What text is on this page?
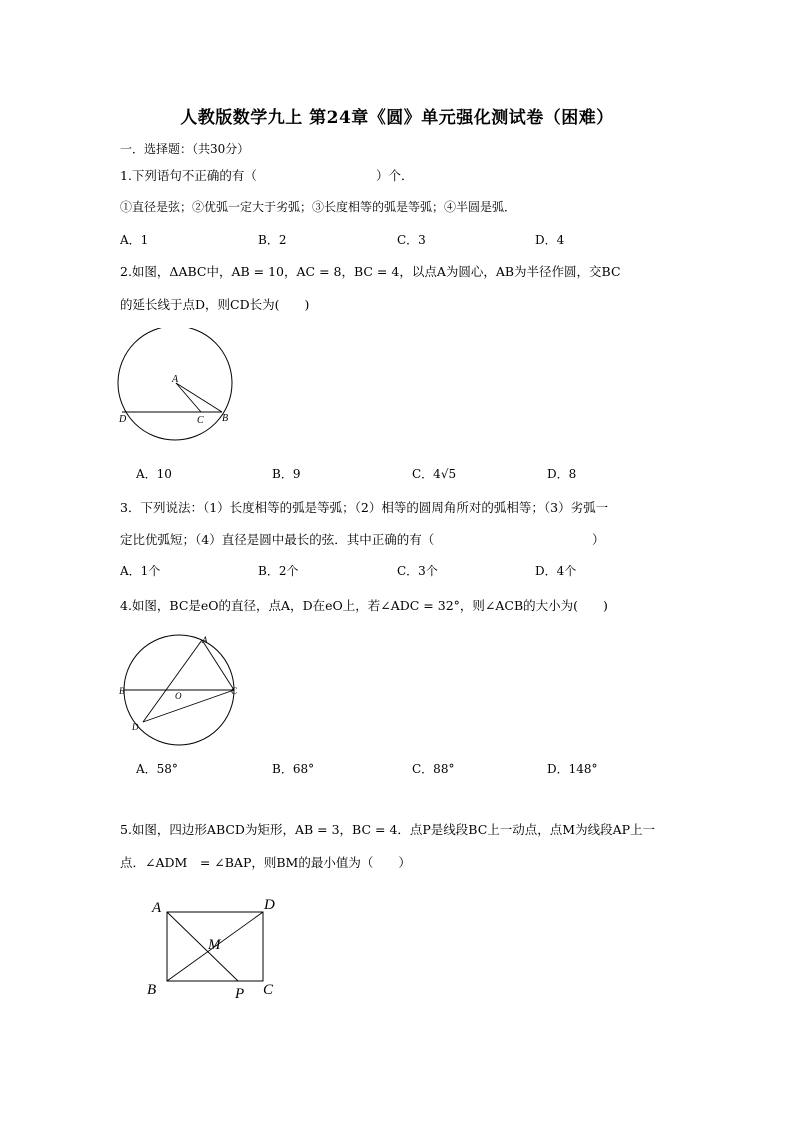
人教版数学九上 第24章《圆》单元强化测试卷（困难）
一．选择题：（共30分）
1.下列语句不正确的有（	）个．
①直径是弦；②优弧一定大于劣弧；③长度相等的弧是等弧；④半圆是弧．
A．1	B．2	C．3	D．4
2.如图，ΔABC中，AB = 10，AC = 8，BC = 4，以点A为圆心，AB为半径作圆，交BC
的延长线于点D，则CD长为(　　)
A
D	C B
A．10	B．9	C．4√5	D．8
3．下列说法：（1）长度相等的弧是等弧；（2）相等的圆周角所对的弧相等；（3）劣弧一
定比优弧短；（4）直径是圆中最长的弦．其中正确的有（	）
A．1个	B．2个	C．3个	D．4个
4.如图，BC是eO的直径，点A，D在eO上，若∠ADC = 32°，则∠ACB的大小为(　　)
A
B	O	C
D
A．58°	B．68°	C．88°	D．148°
5.如图，四边形ABCD为矩形，AB = 3，BC = 4．点P是线段BC上一动点，点M为线段AP上一
点．∠ADM　= ∠BAP，则BM的最小值为（　　）
A	D
M
B	P C
